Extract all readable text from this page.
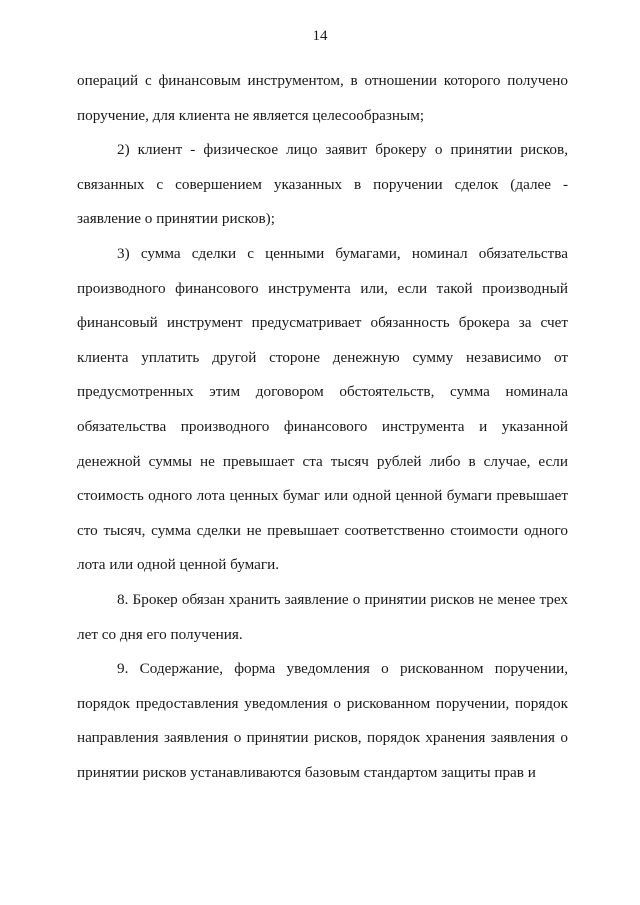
14

операций с финансовым инструментом, в отношении которого получено поручение, для клиента не является целесообразным;

2) клиент - физическое лицо заявит брокеру о принятии рисков, связанных с совершением указанных в поручении сделок (далее - заявление о принятии рисков);

3) сумма сделки с ценными бумагами, номинал обязательства производного финансового инструмента или, если такой производный финансовый инструмент предусматривает обязанность брокера за счет клиента уплатить другой стороне денежную сумму независимо от предусмотренных этим договором обстоятельств, сумма номинала обязательства производного финансового инструмента и указанной денежной суммы не превышает ста тысяч рублей либо в случае, если стоимость одного лота ценных бумаг или одной ценной бумаги превышает сто тысяч, сумма сделки не превышает соответственно стоимости одного лота или одной ценной бумаги.

8. Брокер обязан хранить заявление о принятии рисков не менее трех лет со дня его получения.

9. Содержание, форма уведомления о рискованном поручении, порядок предоставления уведомления о рискованном поручении, порядок направления заявления о принятии рисков, порядок хранения заявления о принятии рисков устанавливаются базовым стандартом защиты прав и
